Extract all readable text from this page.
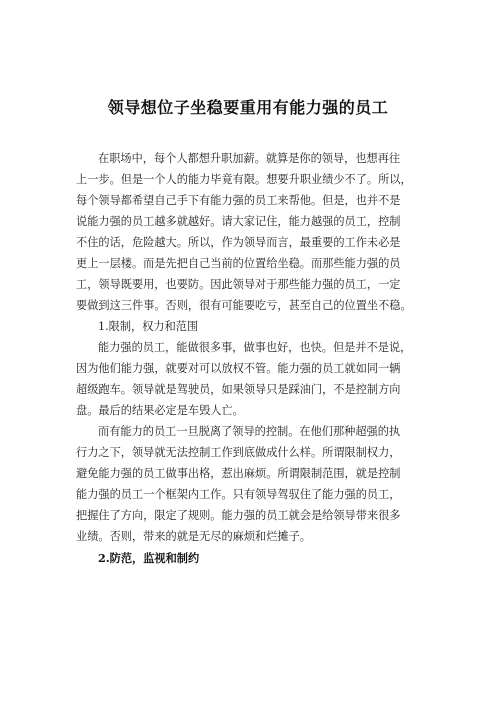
领导想位子坐稳要重用有能力强的员工
在职场中，每个人都想升职加薪。就算是你的领导，也想再往
上一步。但是一个人的能力毕竟有限。想要升职业绩少不了。所以，
每个领导都希望自己手下有能力强的员工来帮他。但是，也并不是
说能力强的员工越多就越好。请大家记住，能力越强的员工，控制
不住的话，危险越大。所以，作为领导而言，最重要的工作未必是
更上一层楼。而是先把自己当前的位置给坐稳。而那些能力强的员
工，领导既要用，也要防。因此领导对于那些能力强的员工，一定
要做到这三件事。否则，很有可能要吃亏，甚至自己的位置坐不稳。
1.限制，权力和范围
能力强的员工，能做很多事，做事也好，也快。但是并不是说，
因为他们能力强，就要对可以放权不管。能力强的员工就如同一辆
超级跑车。领导就是驾驶员，如果领导只是踩油门，不是控制方向
盘。最后的结果必定是车毁人亡。
而有能力的员工一旦脱离了领导的控制。在他们那种超强的执
行力之下，领导就无法控制工作到底做成什么样。所谓限制权力，
避免能力强的员工做事出格，惹出麻烦。所谓限制范围，就是控制
能力强的员工一个框架内工作。只有领导驾驭住了能力强的员工，
把握住了方向，限定了规则。能力强的员工就会是给领导带来很多
业绩。否则，带来的就是无尽的麻烦和烂摊子。
2.防范，监视和制约
